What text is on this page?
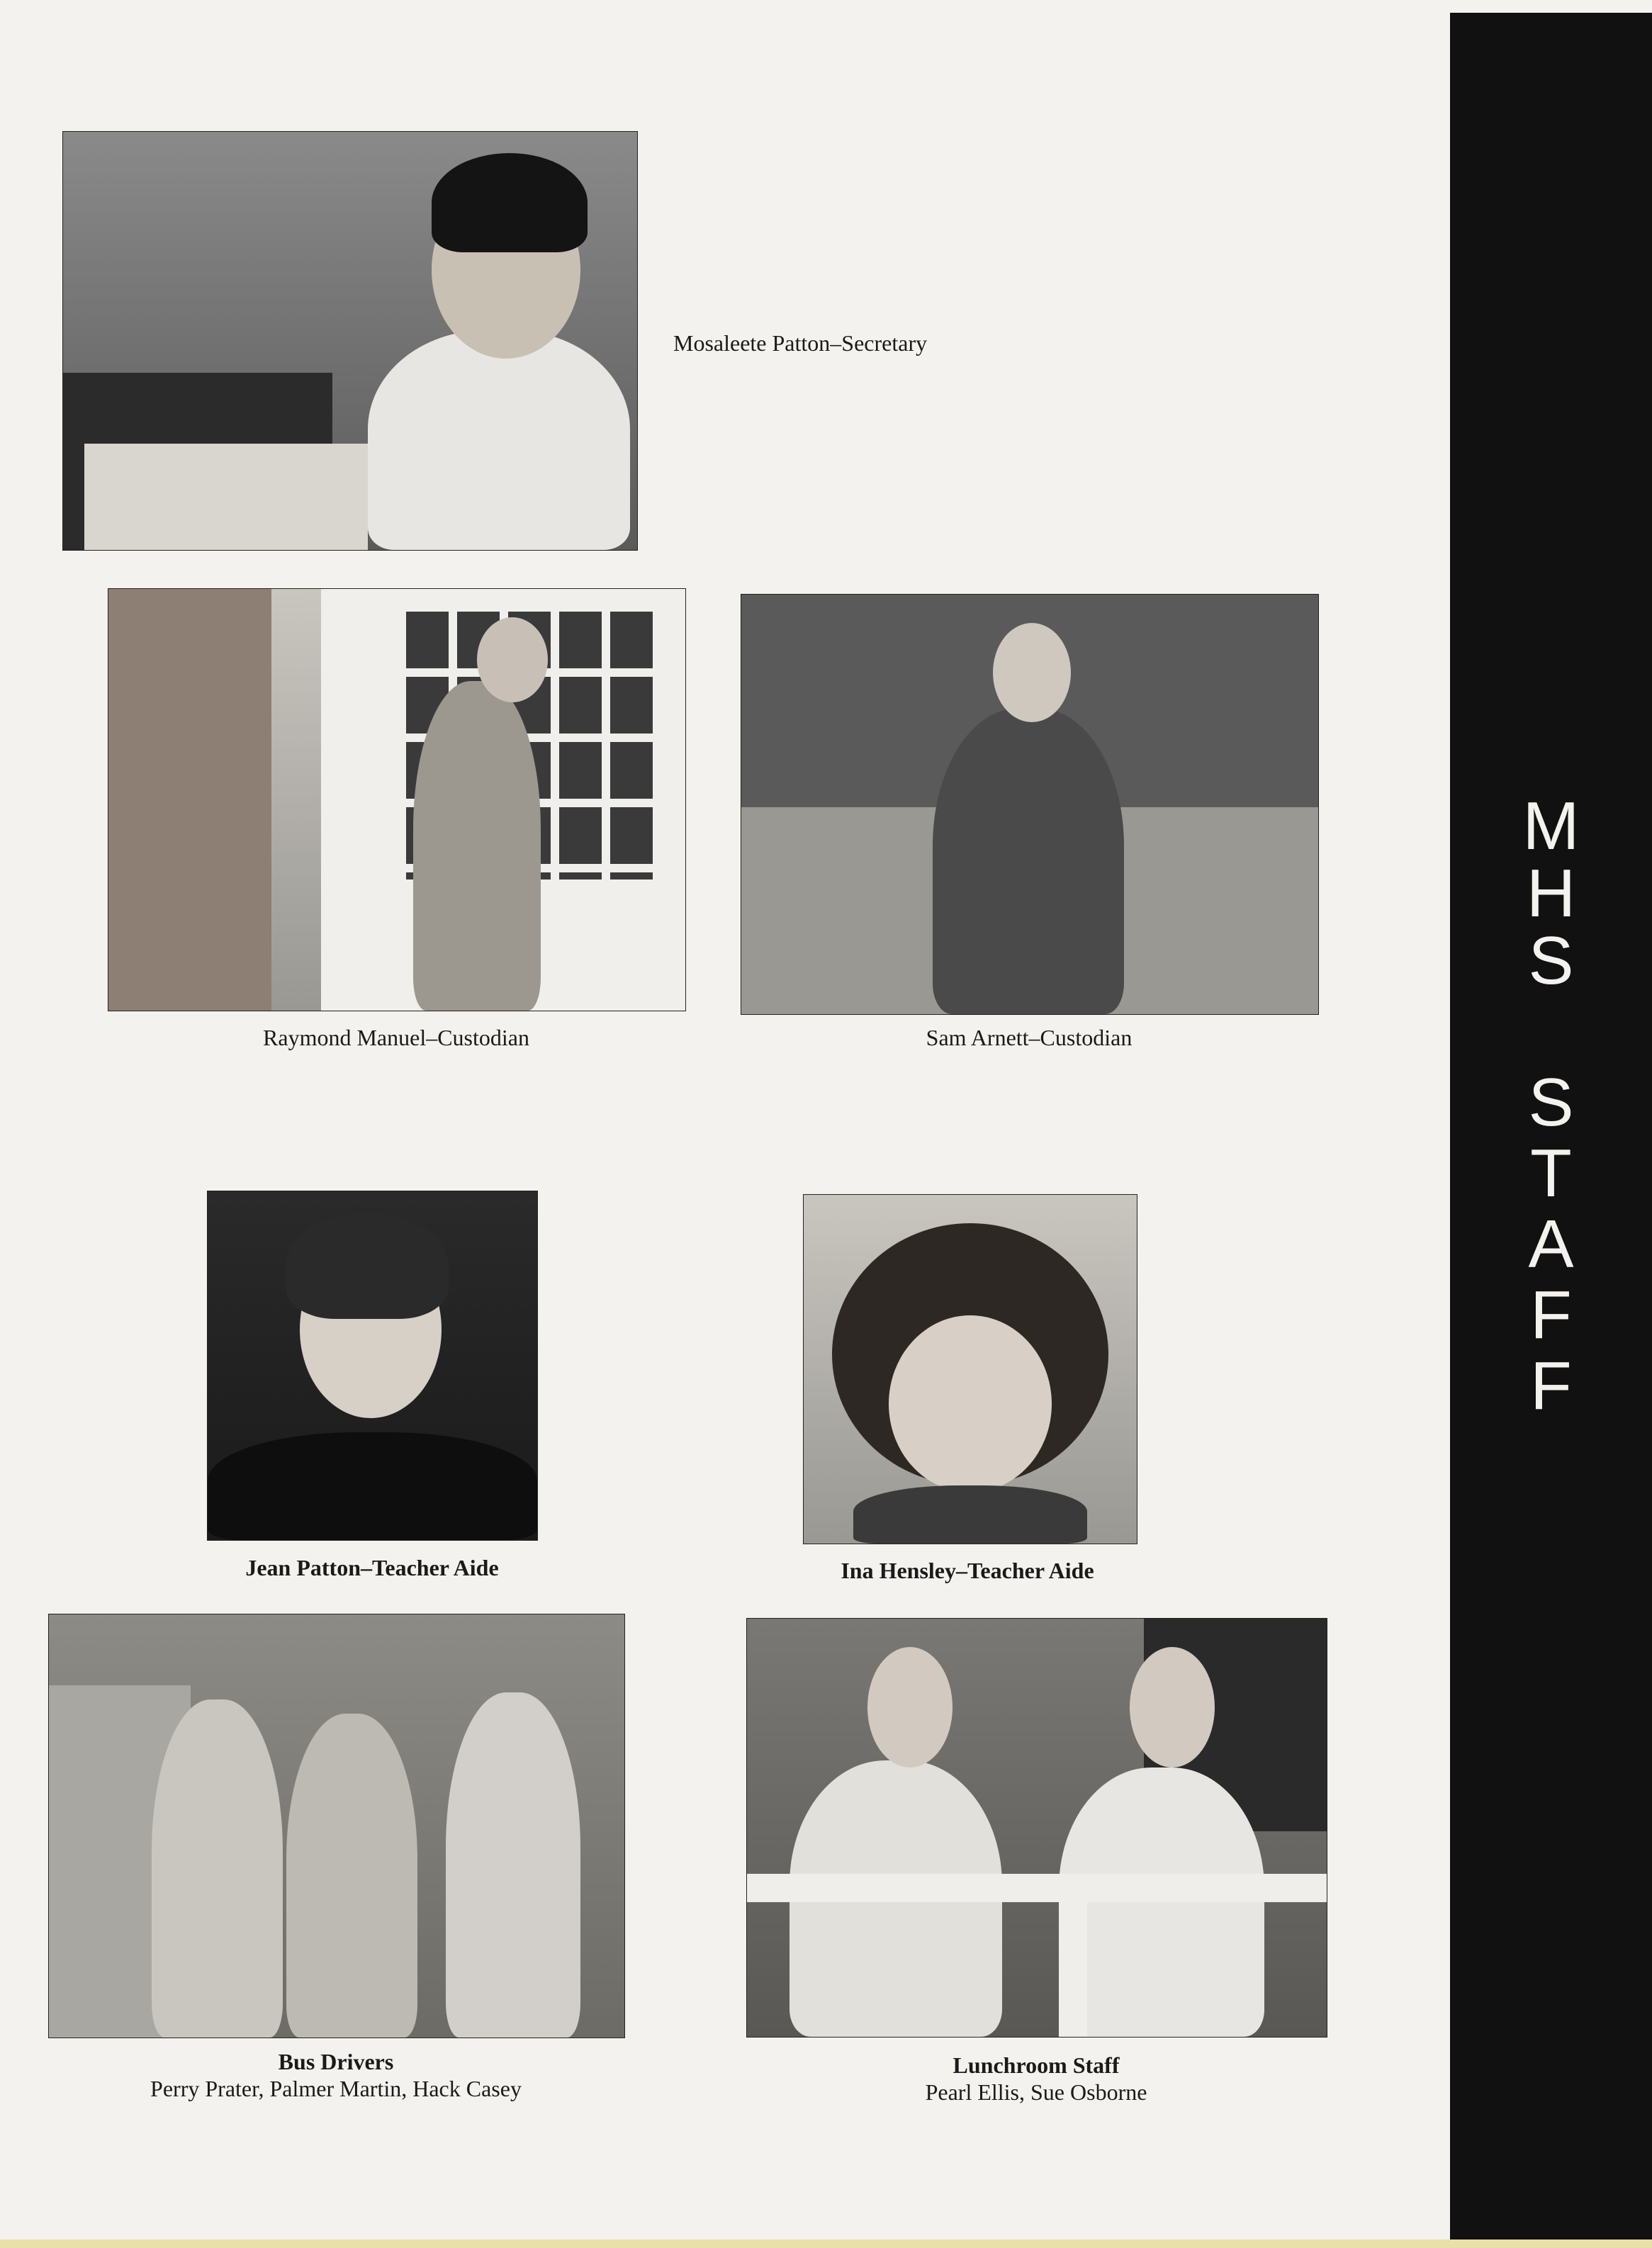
Mosaleete Patton–Secretary
Raymond Manuel–Custodian	Sam Arnett–Custodian
Jean Patton–Teacher Aide	Ina Hensley–Teacher Aide
Bus Drivers
Perry Prater, Palmer Martin, Hack Casey
Lunchroom Staff
Pearl Ellis, Sue Osborne
M
H
S
S
T
A
F
F
